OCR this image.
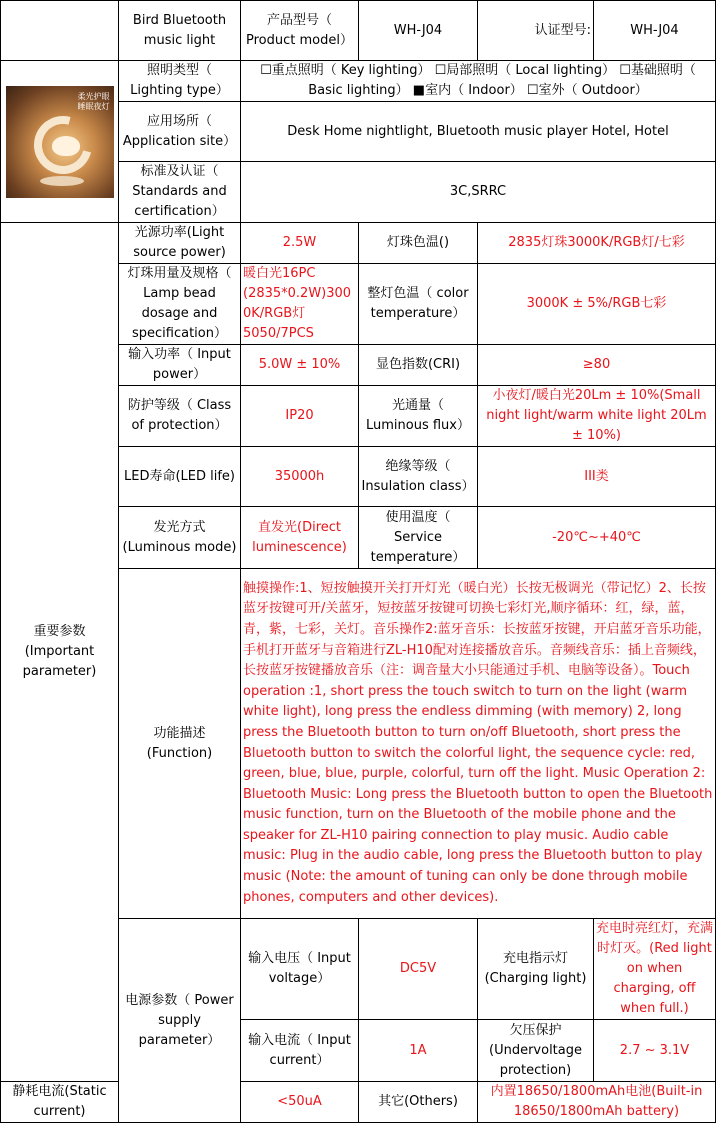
	Bird Bluetooth music light	产品型号（ Product model）	WH-J04	认证型号:	WH-J04

柔光护眼
睡眠夜灯	照明类型（ Lighting type）	☐重点照明（ Key lighting） ☐局部照明（ Local lighting） ☐基础照明（ Basic lighting） ■室内（ Indoor） ☐室外（ Outdoor）			
	应用场所（ Application site）	Desk Home nightlight, Bluetooth music player Hotel, Hotel			
	标准及认证（ Standards and certification）	3C,SRRC			
重要参数 (Important parameter)	光源功率(Light source power)	2.5W	灯珠色温()	2835灯珠3000K/RGB灯/七彩	
	灯珠用量及规格（ Lamp bead dosage and specification）	暖白光16PC (2835*0.2W)3000K/RGB灯 5050/7PCS	整灯色温（ color temperature）	3000K ± 5%/RGB七彩	
	输入功率（ Input power）	5.0W ± 10%	显色指数(CRI)	≥80	
	防护等级（ Class of protection）	IP20	光通量（ Luminous flux）	小夜灯/暖白光20Lm ± 10%(Small night light/warm white light 20Lm ± 10%)	
	LED寿命(LED life)	35000h	绝缘等级（ Insulation class）	III类	
	发光方式 (Luminous mode)	直发光(Direct luminescence)	使用温度（ Service temperature）	-20℃~+40℃	
	功能描述 (Function)	触摸操作:1、短按触摸开关打开灯光（暖白光）长按无极调光（带记忆）2、长按蓝牙按键可开/关蓝牙，短按蓝牙按键可切换七彩灯光,顺序循环：红，绿，蓝，青，紫，七彩，关灯。音乐操作2:蓝牙音乐：长按蓝牙按键，开启蓝牙音乐功能，手机打开蓝牙与音箱进行ZL-H10配对连接播放音乐。音频线音乐：插上音频线，长按蓝牙按键播放音乐（注：调音量大小只能通过手机、电脑等设备）。Touch operation :1, short press the touch switch to turn on the light (warm white light), long press the endless dimming (with memory) 2, long press the Bluetooth button to turn on/off Bluetooth, short press the Bluetooth button to switch the colorful light, the sequence cycle: red, green, blue, blue, purple, colorful, turn off the light. Music Operation 2: Bluetooth Music: Long press the Bluetooth button to open the Bluetooth music function, turn on the Bluetooth of the mobile phone and the speaker for ZL-H10 pairing connection to play music. Audio cable music: Plug in the audio cable, long press the Bluetooth button to play music (Note: the amount of tuning can only be done through mobile phones, computers and other devices).			
	电源参数（ Power supply parameter）	输入电压（ Input voltage）	DC5V	充电指示灯 (Charging light)	充电时亮红灯，充满时灯灭。(Red light on when charging, off when full.)
		输入电流（ Input current）	1A	欠压保护 (Undervoltage protection)	2.7 ~ 3.1V
静耗电流(Static current)		<50uA	其它(Others)	内置18650/1800mAh电池(Built-in 18650/1800mAh battery)	
